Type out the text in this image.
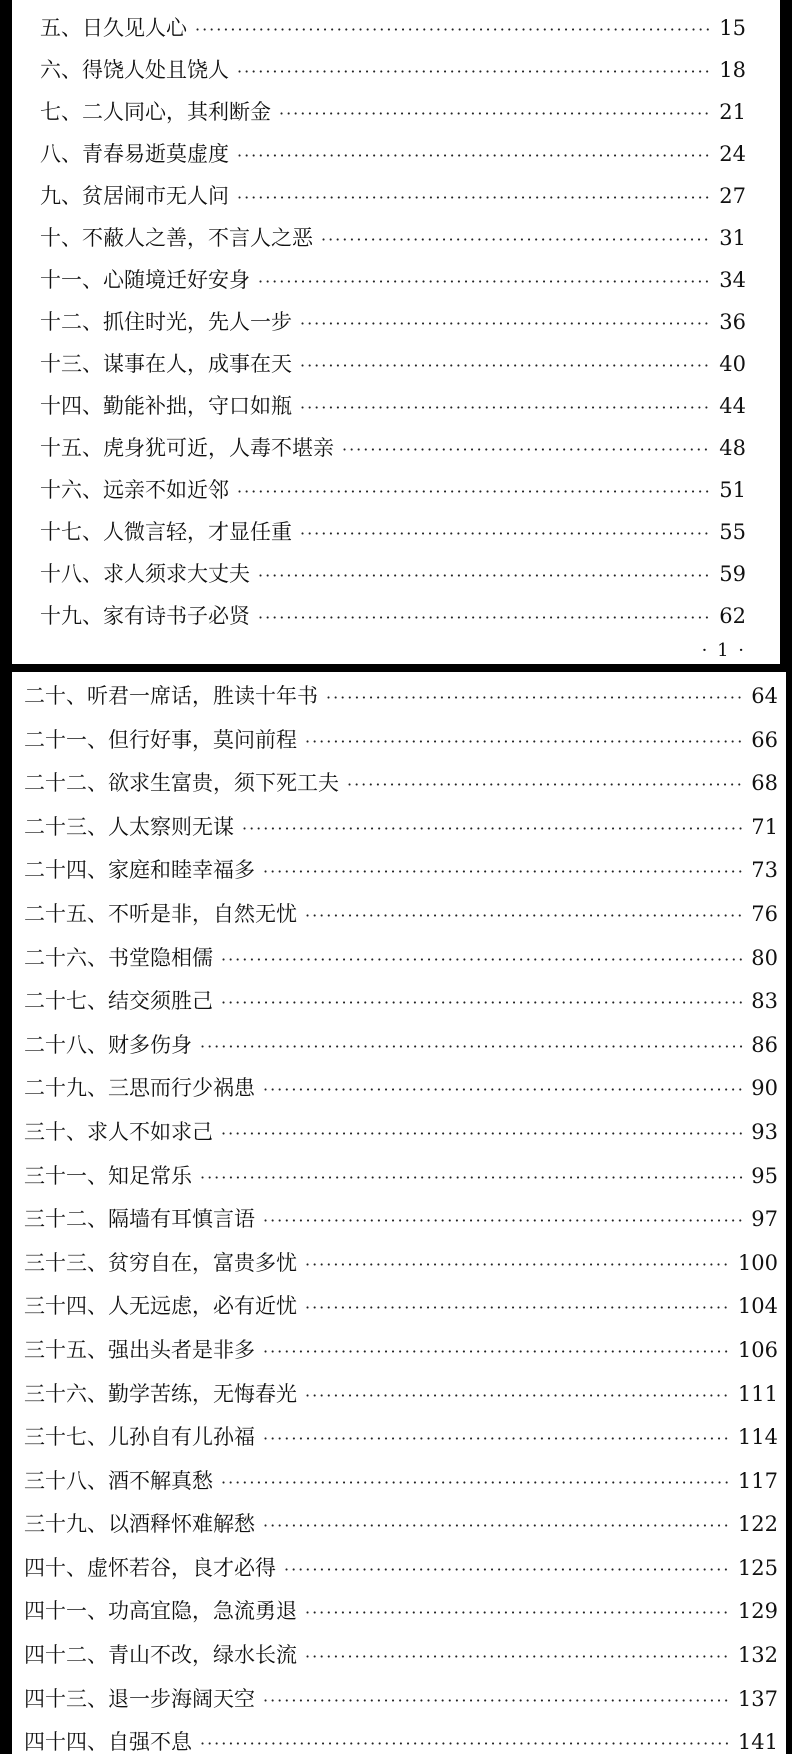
五、日久见人心 ·····	15
六、得饶人处且饶人 ·····	18
七、二人同心，其利断金 ·····	21
八、青春易逝莫虚度 ·····	24
九、贫居闹市无人问 ·····	27
十、不蔽人之善，不言人之恶 ·····	31
十一、心随境迁好安身 ·····	34
十二、抓住时光，先人一步 ·····	36
十三、谋事在人，成事在天 ·····	40
十四、勤能补拙，守口如瓶 ·····	44
十五、虎身犹可近，人毒不堪亲 ·····	48
十六、远亲不如近邻 ·····	51
十七、人微言轻，才显任重 ·····	55
十八、求人须求大丈夫 ·····	59
十九、家有诗书子必贤 ·····	62
· 1 ·
二十、听君一席话，胜读十年书 ·····	64
二十一、但行好事，莫问前程 ·····	66
二十二、欲求生富贵，须下死工夫 ·····	68
二十三、人太察则无谋 ·····	71
二十四、家庭和睦幸福多 ·····	73
二十五、不听是非，自然无忧 ·····	76
二十六、书堂隐相儒 ·····	80
二十七、结交须胜己 ·····	83
二十八、财多伤身 ·····	86
二十九、三思而行少祸患 ·····	90
三十、求人不如求己 ·····	93
三十一、知足常乐 ·····	95
三十二、隔墙有耳慎言语 ·····	97
三十三、贫穷自在，富贵多忧 ·····	100
三十四、人无远虑，必有近忧 ·····	104
三十五、强出头者是非多 ·····	106
三十六、勤学苦练，无悔春光 ·····	111
三十七、儿孙自有儿孙福 ·····	114
三十八、酒不解真愁 ·····	117
三十九、以酒释怀难解愁 ·····	122
四十、虚怀若谷，良才必得 ·····	125
四十一、功高宜隐，急流勇退 ·····	129
四十二、青山不改，绿水长流 ·····	132
四十三、退一步海阔天空 ·····	137
四十四、自强不息 ·····	141
